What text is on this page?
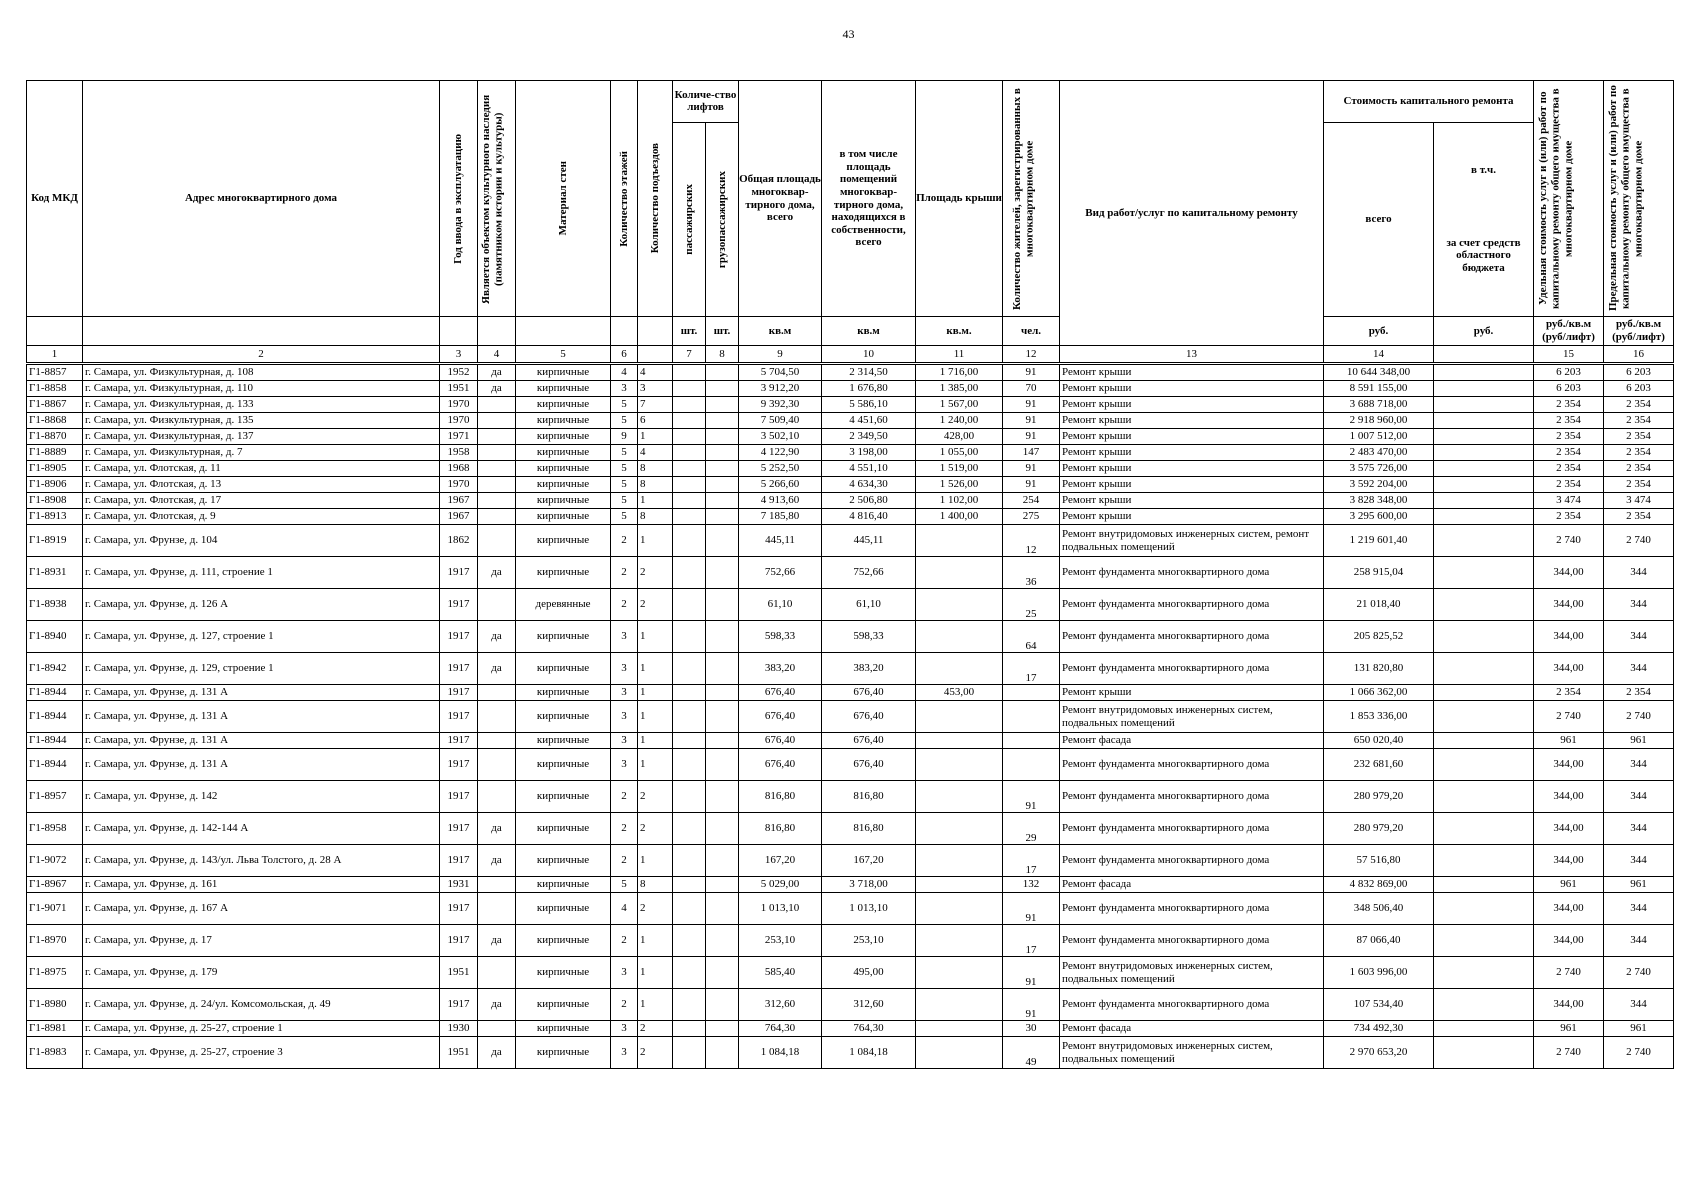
43
Код МКД	Адрес многоквартирного дома	Год ввода в эксплуатацию	Является объектом культурного наследия (памятником истории и культуры)	Материал стен	Количество этажей	Количество подъездов	Количе-ство лифтов		Общая площадь многоквар-тирного дома, всего	в том числе площадь помещений многоквар-тирного дома, находящихся в собственности, всего	Площадь крыши	Количество жителей, зарегистрированных в многоквартирном доме	Вид работ/услуг по капитальному ремонту	Стоимость капитального ремонта		Удельная стоимость услуг и (или) работ по капитальному ремонту общего имущества в многоквартирном доме	Предельная стоимость услуг и (или) работ по капитальному ремонту общего имущества в многоквартирном доме

							пассажирских	грузопассажирских						всего	в т.ч.
за счет средств областного бюджета		

							шт.	шт.	кв.м	кв.м	кв.м.	чел.		руб.	руб.	руб./кв.м (руб/лифт)	руб./кв.м (руб/лифт)
1	2	3	4	5	6		7	8	9	10	11	12	13	14		15	16
Г1-8857	г. Самара, ул. Физкультурная, д. 108	1952	да	кирпичные	4	4			5 704,50	2 314,50	1 716,00	91	Ремонт крыши	10 644 348,00		6 203	6 203
Г1-8858	г. Самара, ул. Физкультурная, д. 110	1951	да	кирпичные	3	3			3 912,20	1 676,80	1 385,00	70	Ремонт крыши	8 591 155,00		6 203	6 203
Г1-8867	г. Самара, ул. Физкультурная, д. 133	1970		кирпичные	5	7			9 392,30	5 586,10	1 567,00	91	Ремонт крыши	3 688 718,00		2 354	2 354
Г1-8868	г. Самара, ул. Физкультурная, д. 135	1970		кирпичные	5	6			7 509,40	4 451,60	1 240,00	91	Ремонт крыши	2 918 960,00		2 354	2 354
Г1-8870	г. Самара, ул. Физкультурная, д. 137	1971		кирпичные	9	1			3 502,10	2 349,50	428,00	91	Ремонт крыши	1 007 512,00		2 354	2 354
Г1-8889	г. Самара, ул. Физкультурная, д. 7	1958		кирпичные	5	4			4 122,90	3 198,00	1 055,00	147	Ремонт крыши	2 483 470,00		2 354	2 354
Г1-8905	г. Самара, ул. Флотская, д. 11	1968		кирпичные	5	8			5 252,50	4 551,10	1 519,00	91	Ремонт крыши	3 575 726,00		2 354	2 354
Г1-8906	г. Самара, ул. Флотская, д. 13	1970		кирпичные	5	8			5 266,60	4 634,30	1 526,00	91	Ремонт крыши	3 592 204,00		2 354	2 354
Г1-8908	г. Самара, ул. Флотская, д. 17	1967		кирпичные	5	1			4 913,60	2 506,80	1 102,00	254	Ремонт крыши	3 828 348,00		3 474	3 474
Г1-8913	г. Самара, ул. Флотская, д. 9	1967		кирпичные	5	8			7 185,80	4 816,40	1 400,00	275	Ремонт крыши	3 295 600,00		2 354	2 354
Г1-8919	г. Самара, ул. Фрунзе, д. 104	1862		кирпичные	2	1			445,11	445,11		12	Ремонт внутридомовых инженерных систем, ремонт подвальных помещений	1 219 601,40		2 740	2 740
Г1-8931	г. Самара, ул. Фрунзе, д. 111, строение 1	1917	да	кирпичные	2	2			752,66	752,66		36	Ремонт фундамента многоквартирного дома	258 915,04		344,00	344
Г1-8938	г. Самара, ул. Фрунзе, д. 126 А	1917		деревянные	2	2			61,10	61,10		25	Ремонт фундамента многоквартирного дома	21 018,40		344,00	344
Г1-8940	г. Самара, ул. Фрунзе, д. 127, строение 1	1917	да	кирпичные	3	1			598,33	598,33		64	Ремонт фундамента многоквартирного дома	205 825,52		344,00	344
Г1-8942	г. Самара, ул. Фрунзе, д. 129, строение 1	1917	да	кирпичные	3	1			383,20	383,20		17	Ремонт фундамента многоквартирного дома	131 820,80		344,00	344
Г1-8944	г. Самара, ул. Фрунзе, д. 131 А	1917		кирпичные	3	1			676,40	676,40	453,00		Ремонт крыши	1 066 362,00		2 354	2 354
Г1-8944	г. Самара, ул. Фрунзе, д. 131 А	1917		кирпичные	3	1			676,40	676,40			Ремонт внутридомовых инженерных систем, подвальных помещений	1 853 336,00		2 740	2 740
Г1-8944	г. Самара, ул. Фрунзе, д. 131 А	1917		кирпичные	3	1			676,40	676,40			Ремонт фасада	650 020,40		961	961
Г1-8944	г. Самара, ул. Фрунзе, д. 131 А	1917		кирпичные	3	1			676,40	676,40			Ремонт фундамента многоквартирного дома	232 681,60		344,00	344
Г1-8957	г. Самара, ул. Фрунзе, д. 142	1917		кирпичные	2	2			816,80	816,80		91	Ремонт фундамента многоквартирного дома	280 979,20		344,00	344
Г1-8958	г. Самара, ул. Фрунзе, д. 142-144 А	1917	да	кирпичные	2	2			816,80	816,80		29	Ремонт фундамента многоквартирного дома	280 979,20		344,00	344
Г1-9072	г. Самара, ул. Фрунзе, д. 143/ул. Льва Толстого, д. 28 А	1917	да	кирпичные	2	1			167,20	167,20		17	Ремонт фундамента многоквартирного дома	57 516,80		344,00	344
Г1-8967	г. Самара, ул. Фрунзе, д. 161	1931		кирпичные	5	8			5 029,00	3 718,00		132	Ремонт фасада	4 832 869,00		961	961
Г1-9071	г. Самара, ул. Фрунзе, д. 167 А	1917		кирпичные	4	2			1 013,10	1 013,10		91	Ремонт фундамента многоквартирного дома	348 506,40		344,00	344
Г1-8970	г. Самара, ул. Фрунзе, д. 17	1917	да	кирпичные	2	1			253,10	253,10		17	Ремонт фундамента многоквартирного дома	87 066,40		344,00	344
Г1-8975	г. Самара, ул. Фрунзе, д. 179	1951		кирпичные	3	1			585,40	495,00		91	Ремонт внутридомовых инженерных систем, подвальных помещений	1 603 996,00		2 740	2 740
Г1-8980	г. Самара, ул. Фрунзе, д. 24/ул. Комсомольская, д. 49	1917	да	кирпичные	2	1			312,60	312,60		91	Ремонт фундамента многоквартирного дома	107 534,40		344,00	344
Г1-8981	г. Самара, ул. Фрунзе, д. 25-27, строение 1	1930		кирпичные	3	2			764,30	764,30		30	Ремонт фасада	734 492,30		961	961
Г1-8983	г. Самара, ул. Фрунзе, д. 25-27, строение 3	1951	да	кирпичные	3	2			1 084,18	1 084,18		49	Ремонт внутридомовых инженерных систем, подвальных помещений	2 970 653,20		2 740	2 740
